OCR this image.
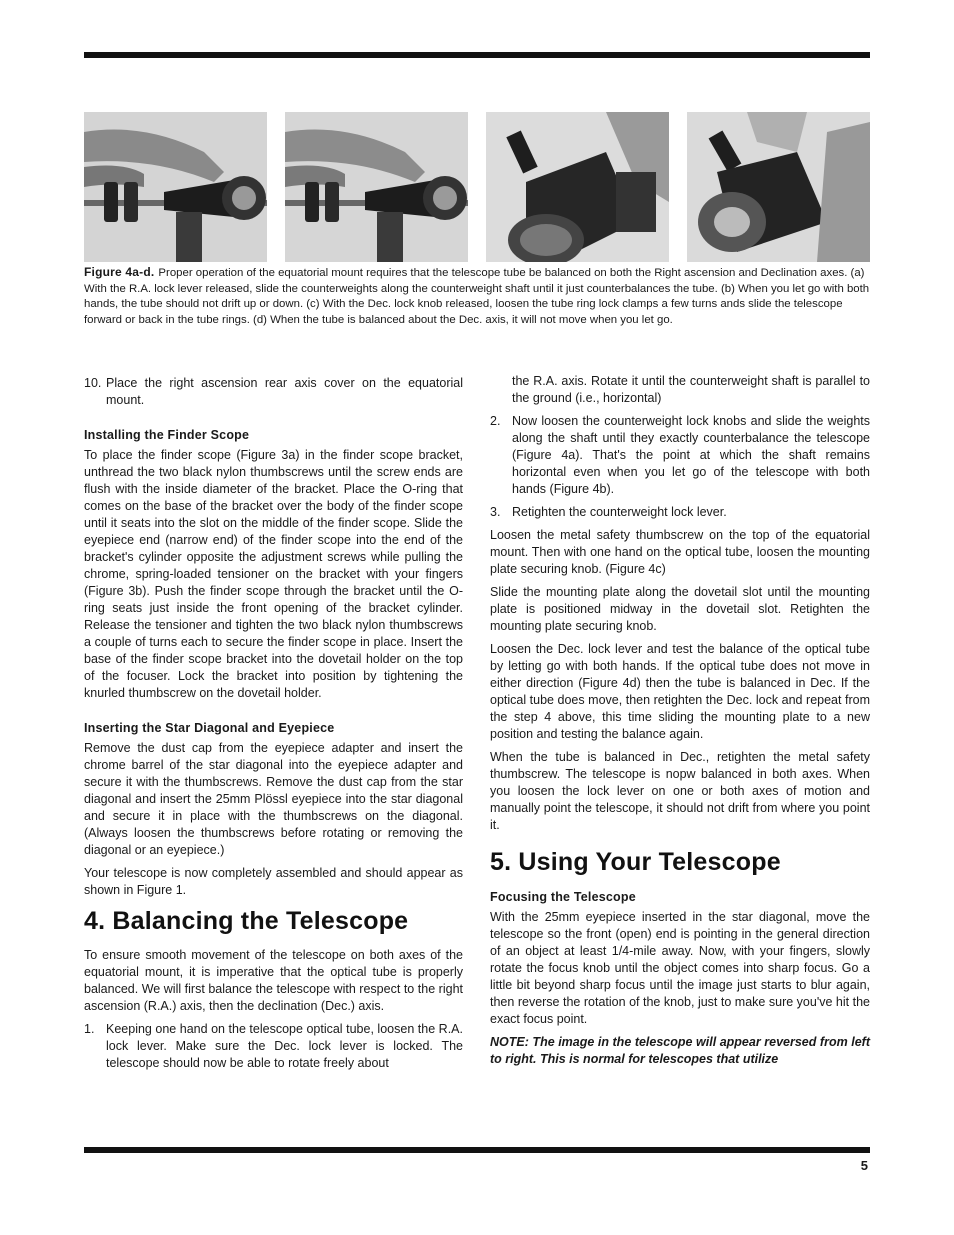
Figure 4a-d. Proper operation of the equatorial mount requires that the telescope tube be balanced on both the Right ascension and Declination axes. (a) With the R.A. lock lever released, slide the counterweights along the counterweight shaft until it just counterbalances the tube. (b) When you let go with both hands, the tube should not drift up or down. (c) With the Dec. lock knob released, loosen the tube ring lock clamps a few turns ands slide the telescope forward or back in the tube rings. (d) When the tube is balanced about the Dec. axis, it will not move when you let go.
10. Place the right ascension rear axis cover on the equatorial mount.
Installing the Finder Scope

To place the finder scope (Figure 3a) in the finder scope bracket, unthread the two black nylon thumbscrews until the screw ends are flush with the inside diameter of the bracket. Place the O-ring that comes on the base of the bracket over the body of the finder scope until it seats into the slot on the middle of the finder scope. Slide the eyepiece end (narrow end) of the finder scope into the end of the bracket's cylinder opposite the adjustment screws while pulling the chrome, spring-loaded tensioner on the bracket with your fingers (Figure 3b). Push the finder scope through the bracket until the O-ring seats just inside the front opening of the bracket cylinder. Release the tensioner and tighten the two black nylon thumbscrews a couple of turns each to secure the finder scope in place. Insert the base of the finder scope bracket into the dovetail holder on the top of the focuser. Lock the bracket into position by tightening the knurled thumbscrew on the dovetail holder.

Inserting the Star Diagonal and Eyepiece

Remove the dust cap from the eyepiece adapter and insert the chrome barrel of the star diagonal into the eyepiece adapter and secure it with the thumbscrews. Remove the dust cap from the star diagonal and insert the 25mm Plössl eyepiece into the star diagonal and secure it in place with the thumbscrews on the diagonal. (Always loosen the thumbscrews before rotating or removing the diagonal or an eyepiece.)

Your telescope is now completely assembled and should appear as shown in Figure 1.

4. Balancing the Telescope

To ensure smooth movement of the telescope on both axes of the equatorial mount, it is imperative that the optical tube is properly balanced. We will first balance the telescope with respect to the right ascension (R.A.) axis, then the declination (Dec.) axis.

1. Keeping one hand on the telescope optical tube, loosen the R.A. lock lever. Make sure the Dec. lock lever is locked. The telescope should now be able to rotate freely about

the R.A. axis. Rotate it until the counterweight shaft is parallel to the ground (i.e., horizontal)

2. Now loosen the counterweight lock knobs and slide the weights along the shaft until they exactly counterbalance the telescope (Figure 4a). That's the point at which the shaft remains horizontal even when you let go of the telescope with both hands (Figure 4b).
3. Retighten the counterweight lock lever.

Loosen the metal safety thumbscrew on the top of the equatorial mount. Then with one hand on the optical tube, loosen the mounting plate securing knob. (Figure 4c)

Slide the mounting plate along the dovetail slot until the mounting plate is positioned midway in the dovetail slot. Retighten the mounting plate securing knob.

Loosen the Dec. lock lever and test the balance of the optical tube by letting go with both hands. If the optical tube does not move in either direction (Figure 4d) then the tube is balanced in Dec. If the optical tube does move, then retighten the Dec. lock and repeat from the step 4 above, this time sliding the mounting plate to a new position and testing the balance again.

When the tube is balanced in Dec., retighten the metal safety thumbscrew. The telescope is nopw balanced in both axes. When you loosen the lock lever on one or both axes of motion and manually point the telescope, it should not drift from where you point it.

5. Using Your Telescope
Focusing the Telescope

With the 25mm eyepiece inserted in the star diagonal, move the telescope so the front (open) end is pointing in the general direction of an object at least 1/4-mile away. Now, with your fingers, slowly rotate the focus knob until the object comes into sharp focus. Go a little bit beyond sharp focus until the image just starts to blur again, then reverse the rotation of the knob, just to make sure you've hit the exact focus point.

NOTE: The image in the telescope will appear reversed from left to right. This is normal for telescopes that utilize

5
